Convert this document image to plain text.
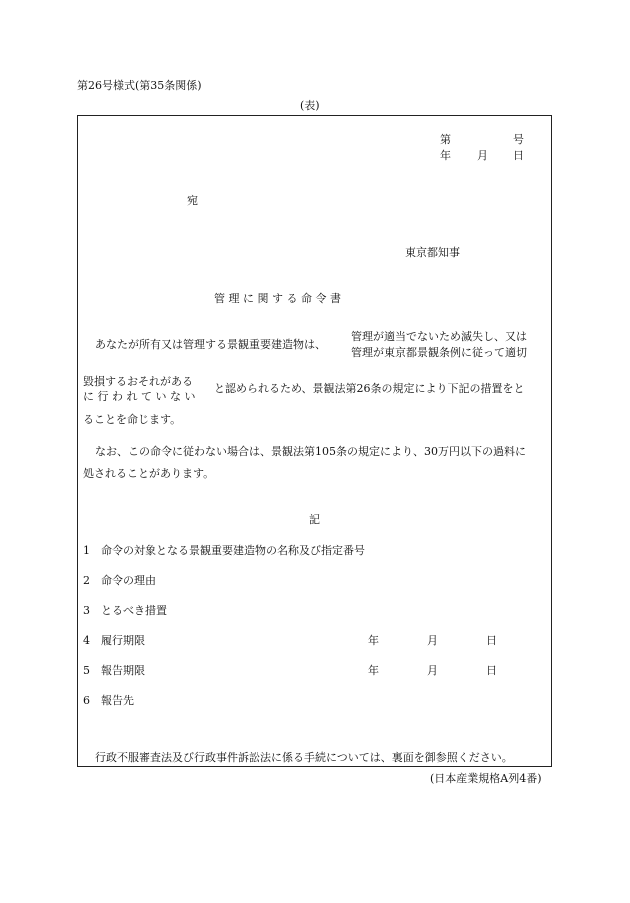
第26号様式(第35条関係)
(表)
第	号
年 月 日
宛
東京都知事
管 理 に 関 す る 命 令 書
あなたが所有又は管理する景観重要建造物は、
管理が適当でないため滅失し、又は
管理が東京都景観条例に従って適切
毀損するおそれがある
に 行 わ れ て い な い
と認められるため、景観法第26条の規定により下記の措置をと
ることを命じます。
なお、この命令に従わない場合は、景観法第105条の規定により、30万円以下の過料に
処されることがあります。
記
1 命令の対象となる景観重要建造物の名称及び指定番号
2 命令の理由
3 とるべき措置
4 履行期限	年	月	日
5 報告期限	年	月	日
6 報告先
行政不服審査法及び行政事件訴訟法に係る手続については、裏面を御参照ください。
(日本産業規格A列4番)
